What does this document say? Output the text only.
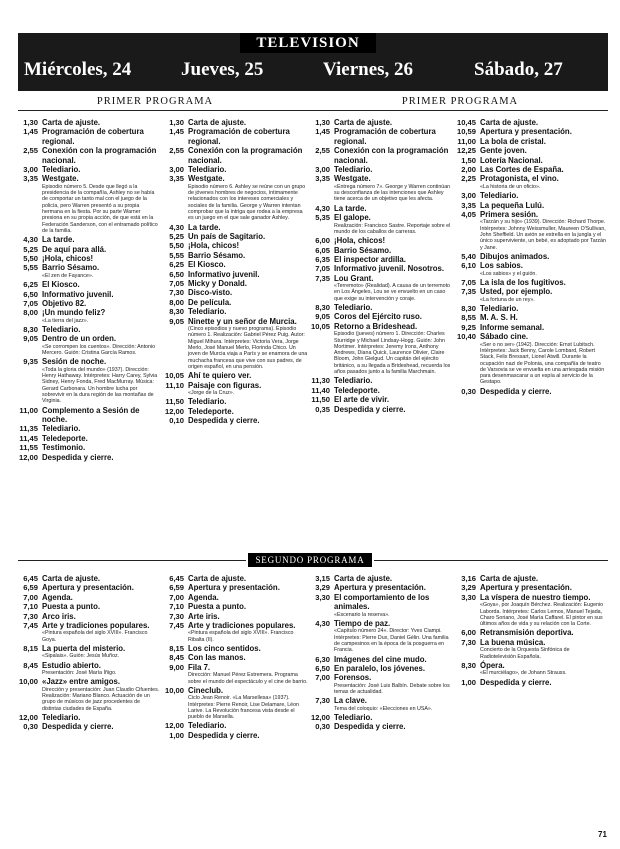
TELEVISION
Miércoles, 24	Jueves, 25	Viernes, 26	Sábado, 27
PRIMER PROGRAMA	PRIMER PROGRAMA
1,30 Carta de ajuste.
1,45 Programación de cobertura regional.
2,55 Conexión con la programación nacional.
3,00 Telediario.
3,35 Westgate.
Episodio número 5. Desde que llegó a la presidencia de la compañía, Ashley no se había de comportar un tanto mal con el juego de la policía, pero Warren presentó a su propia hermana en la fiesta. Por su parte Warner presiona en su propia acción, de que está en la Federación Sanderson, con el entramado político de la familia.
4,30 La tarde.
5,25 De aquí para allá.
5,50 ¡Hola, chicos!
5,55 Barrio Sésamo.
«El zen de Fayance».
6,25 El Kiosco.
6,50 Informativo juvenil.
7,05 Objetivo 82.
8,00 ¡Un mundo feliz?
«La tierra del jazz».
8,30 Telediario.
9,05 Dentro de un orden.
«Se corrompen los cuentos». Dirección: Antonio Mercero. Guión: Cristina García Ramos.
9,35 Sesión de noche.
«Toda la gloria del mundo» (1937). Dirección: Henry Hathaway. Intérpretes: Harry Carey, Sylvia Sidney, Henry Fonda, Fred MacMurray. Música: Gerard Carbonara. Un hombre lucha por sobrevivir en la dura región de las montañas de Virginia.
11,00 Complemento a Sesión de noche.
11,35 Telediario.
11,45 Teledeporte.
11,55 Testimonio.
12,00 Despedida y cierre.
1,30 Carta de ajuste.
1,45 Programación de cobertura regional.
2,55 Conexión con la programación nacional.
3,00 Telediario.
3,35 Westgate.
Episodio número 6. Ashley se reúne con un grupo de jóvenes hombres de negocios, íntimamente relacionados con los intereses comerciales y sociales de la familia. George y Warren intentan comprobar que la intriga que rodea a la empresa es un juego en el que sale ganador Ashley.
4,30 La tarde.
5,25 Un país de Sagitario.
5,50 ¡Hola, chicos!
5,55 Barrio Sésamo.
6,25 El Kiosco.
6,50 Informativo juvenil.
7,05 Micky y Donald.
7,30 Disco-visto.
8,00 De película.
8,30 Telediario.
9,05 Ninette y un señor de Murcia.
(Cinco episodios y nuevo programa). Episodio número 1. Realización: Gabriel Pérez Puig. Autor: Miguel Mihura. Intérpretes: Victoria Vera, Jorge Merlo, José Manuel Merlo, Florinda Chico. Un joven de Murcia viaja a París y se enamora de una muchacha francesa que vive con sus padres, de origen español, en una pensión.
10,05 Ahí te quiero ver.
11,10 Paisaje con figuras.
«Jorge de la Cruz».
11,50 Telediario.
12,00 Teledeporte.
0,10 Despedida y cierre.
1,30 Carta de ajuste.
1,45 Programación de cobertura regional.
2,55 Conexión con la programación nacional.
3,00 Telediario.
3,35 Westgate.
«Entrega número 7». George y Warren continúan su desconfianza de las intenciones que Ashley tiene acerca de un objetivo que les afecta.
4,30 La tarde.
5,35 El galope.
Realización: Francisco Sastre. Reportaje sobre el mundo de los caballos de carreras.
6,00 ¡Hola, chicos!
6,05 Barrio Sésamo.
6,35 El inspector ardilla.
7,05 Informativo juvenil. Nosotros.
7,35 Lou Grant.
«Terremoto» (Realidad). A causa de un terremoto en Los Ángeles, Lou se ve envuelto en un caso que exige su intervención y coraje.
8,30 Telediario.
9,05 Coros del Ejército ruso.
10,05 Retorno a Brideshead.
Episodio (jueves) número 1. Dirección: Charles Sturridge y Michael Lindsay-Hogg. Guión: John Mortimer. Intérpretes: Jeremy Irons, Anthony Andrews, Diana Quick, Laurence Olivier, Claire Bloom, John Gielgud. Un capitán del ejército británico, a su llegada a Brideshead, recuerda los años pasados junto a la familia Marchmain.
11,30 Telediario.
11,40 Teledeporte.
11,50 El arte de vivir.
0,35 Despedida y cierre.
10,45 Carta de ajuste.
10,59 Apertura y presentación.
11,00 La bola de cristal.
12,25 Gente joven.
1,50 Lotería Nacional.
2,00 Las Cortes de España.
2,25 Protagonista, el vino.
«La historia de un oficio».
3,00 Telediario.
3,35 La pequeña Lulú.
4,05 Primera sesión.
«Tarzán y su hijo» (1939). Dirección: Richard Thorpe. Intérpretes: Johnny Weissmuller, Maureen O'Sullivan, John Sheffield. Un avión se estrella en la jungla y el único superviviente, un bebé, es adoptado por Tarzán y Jane.
5,40 Dibujos animados.
6,10 Los sabios.
«Los sabios» y el guión.
7,05 La isla de los fugitivos.
7,35 Usted, por ejemplo.
«La fortuna de un rey».
8,30 Telediario.
8,55 M. A. S. H.
9,25 Informe semanal.
10,40 Sábado cine.
«Ser o no ser» (1942). Dirección: Ernst Lubitsch. Intérpretes: Jack Benny, Carole Lombard, Robert Stack, Felix Bressart, Lionel Atwill. Durante la ocupación nazi de Polonia, una compañía de teatro de Varsovia se ve envuelta en una arriesgada misión para desenmascarar a un espía al servicio de la Gestapo.
0,30 Despedida y cierre.
SEGUNDO PROGRAMA
6,45 Carta de ajuste.
6,59 Apertura y presentación.
7,00 Agenda.
7,10 Puesta a punto.
7,30 Arco iris.
7,45 Arte y tradiciones populares.
«Pintura española del siglo XVIII». Francisco Goya.
8,15 La puerta del misterio.
«Sipalais». Guión: Jesús Muñoz.
8,45 Estudio abierto.
Presentación: José María Íñigo.
10,00 «Jazz» entre amigos.
Dirección y presentación: Juan Claudio Cifuentes. Realización: Mariano Blanco. Actuación de un grupo de músicos de jazz procedentes de distintas ciudades de España.
12,00 Telediario.
0,30 Despedida y cierre.
6,45 Carta de ajuste.
6,59 Apertura y presentación.
7,00 Agenda.
7,10 Puesta a punto.
7,30 Arte iris.
7,45 Arte y tradiciones populares.
«Pintura española del siglo XVIII». Francisco Ribalta (II).
8,15 Los cinco sentidos.
8,45 Con las manos.
9,00 Fila 7.
Dirección: Manuel Pérez Estremera. Programa sobre el mundo del espectáculo y el cine de barrio.
10,00 Cineclub.
Ciclo Jean Renoir. «La Marsellesa» (1937). Intérpretes: Pierre Renoir, Lise Delamare, Léon Larive. La Revolución francesa vista desde el pueblo de Marsella.
12,00 Telediario.
1,00 Despedida y cierre.
3,15 Carta de ajuste.
3,29 Apertura y presentación.
3,30 El comportamiento de los animales.
«Escenario la reserva».
4,30 Tiempo de paz.
«Capítulo número 24». Director: Yves Ciampi. Intérpretes: Pierre Dux, Daniel Gélin. Una familia de campesinos en la época de la posguerra en Francia.
6,30 Imágenes del cine mudo.
6,50 En paralelo, los jóvenes.
7,00 Forensos.
Presentación: José Luis Balbín. Debate sobre los temas de actualidad.
7,30 La clave.
Tema del coloquio: «Elecciones en USA».
12,00 Telediario.
0,30 Despedida y cierre.
3,16 Carta de ajuste.
3,29 Apertura y presentación.
3,30 La víspera de nuestro tiempo.
«Goya», por Joaquín Bérchez. Realización: Eugenio Laborda. Intérpretes: Carlos Lemos, Manuel Tejada, Charo Soriano, José María Caffarel. El pintor en sus últimos años de vida y su relación con la Corte.
6,00 Retransmisión deportiva.
7,30 La buena música.
Concierto de la Orquesta Sinfónica de Radiotelevisión Española.
8,30 Ópera.
«El murciélago», de Johann Strauss.
1,00 Despedida y cierre.
71
